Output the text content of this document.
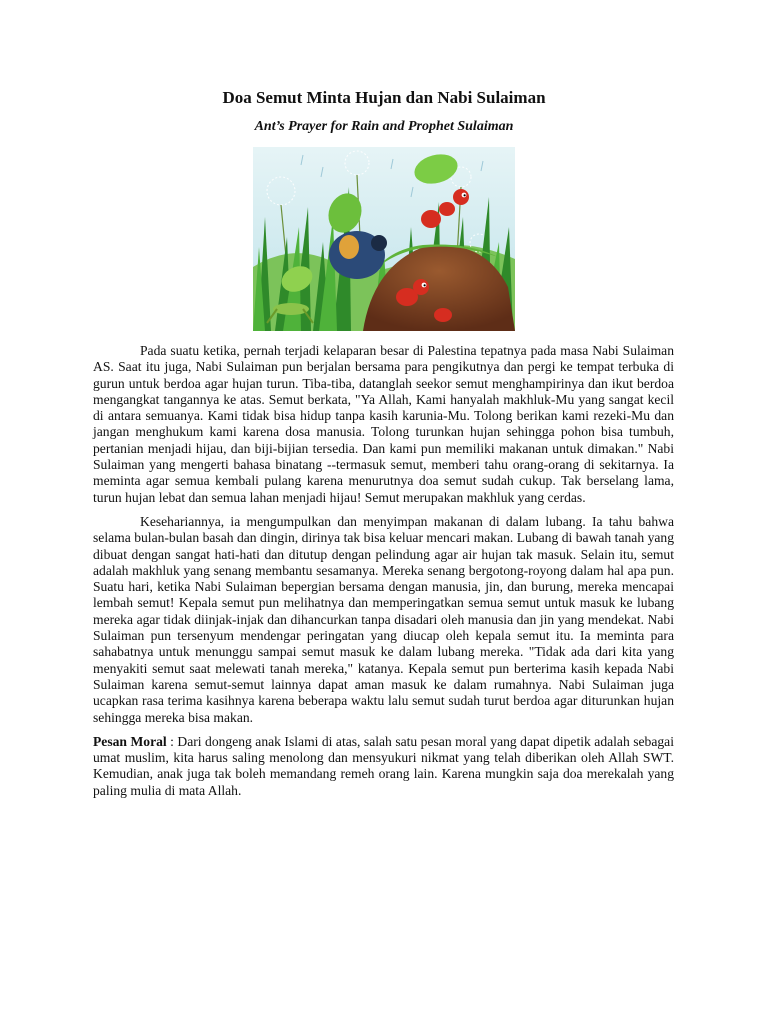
Doa Semut Minta Hujan dan Nabi Sulaiman
Ant’s Prayer for Rain and Prophet Sulaiman

Pada suatu ketika, pernah terjadi kelaparan besar di Palestina tepatnya pada masa Nabi Sulaiman AS. Saat itu juga, Nabi Sulaiman pun berjalan bersama para pengikutnya dan pergi ke tempat terbuka di gurun untuk berdoa agar hujan turun. Tiba-tiba, datanglah seekor semut menghampirinya dan ikut berdoa mengangkat tangannya ke atas. Semut berkata, "Ya Allah, Kami hanyalah makhluk-Mu yang sangat kecil di antara semuanya. Kami tidak bisa hidup tanpa kasih karunia-Mu. Tolong berikan kami rezeki-Mu dan jangan menghukum kami karena dosa manusia. Tolong turunkan hujan sehingga pohon bisa tumbuh, pertanian menjadi hijau, dan biji-bijian tersedia. Dan kami pun memiliki makanan untuk dimakan." Nabi Sulaiman yang mengerti bahasa binatang --termasuk semut, memberi tahu orang-orang di sekitarnya. Ia meminta agar semua kembali pulang karena menurutnya doa semut sudah cukup. Tak berselang lama, turun hujan lebat dan semua lahan menjadi hijau! Semut merupakan makhluk yang cerdas.

Kesehariannya, ia mengumpulkan dan menyimpan makanan di dalam lubang. Ia tahu bahwa selama bulan-bulan basah dan dingin, dirinya tak bisa keluar mencari makan. Lubang di bawah tanah yang dibuat dengan sangat hati-hati dan ditutup dengan pelindung agar air hujan tak masuk. Selain itu, semut adalah makhluk yang senang membantu sesamanya. Mereka senang bergotong-royong dalam hal apa pun. Suatu hari, ketika Nabi Sulaiman bepergian bersama dengan manusia, jin, dan burung, mereka mencapai lembah semut! Kepala semut pun melihatnya dan memperingatkan semua semut untuk masuk ke lubang mereka agar tidak diinjak-injak dan dihancurkan tanpa disadari oleh manusia dan jin yang mendekat. Nabi Sulaiman pun tersenyum mendengar peringatan yang diucap oleh kepala semut itu. Ia meminta para sahabatnya untuk menunggu sampai semut masuk ke dalam lubang mereka. "Tidak ada dari kita yang menyakiti semut saat melewati tanah mereka," katanya. Kepala semut pun berterima kasih kepada Nabi Sulaiman karena semut-semut lainnya dapat aman masuk ke dalam rumahnya. Nabi Sulaiman juga ucapkan rasa terima kasihnya karena beberapa waktu lalu semut sudah turut berdoa agar diturunkan hujan sehingga mereka bisa makan.

Pesan Moral : Dari dongeng anak Islami di atas, salah satu pesan moral yang dapat dipetik adalah sebagai umat muslim, kita harus saling menolong dan mensyukuri nikmat yang telah diberikan oleh Allah SWT. Kemudian, anak juga tak boleh memandang remeh orang lain. Karena mungkin saja doa merekalah yang paling mulia di mata Allah.
